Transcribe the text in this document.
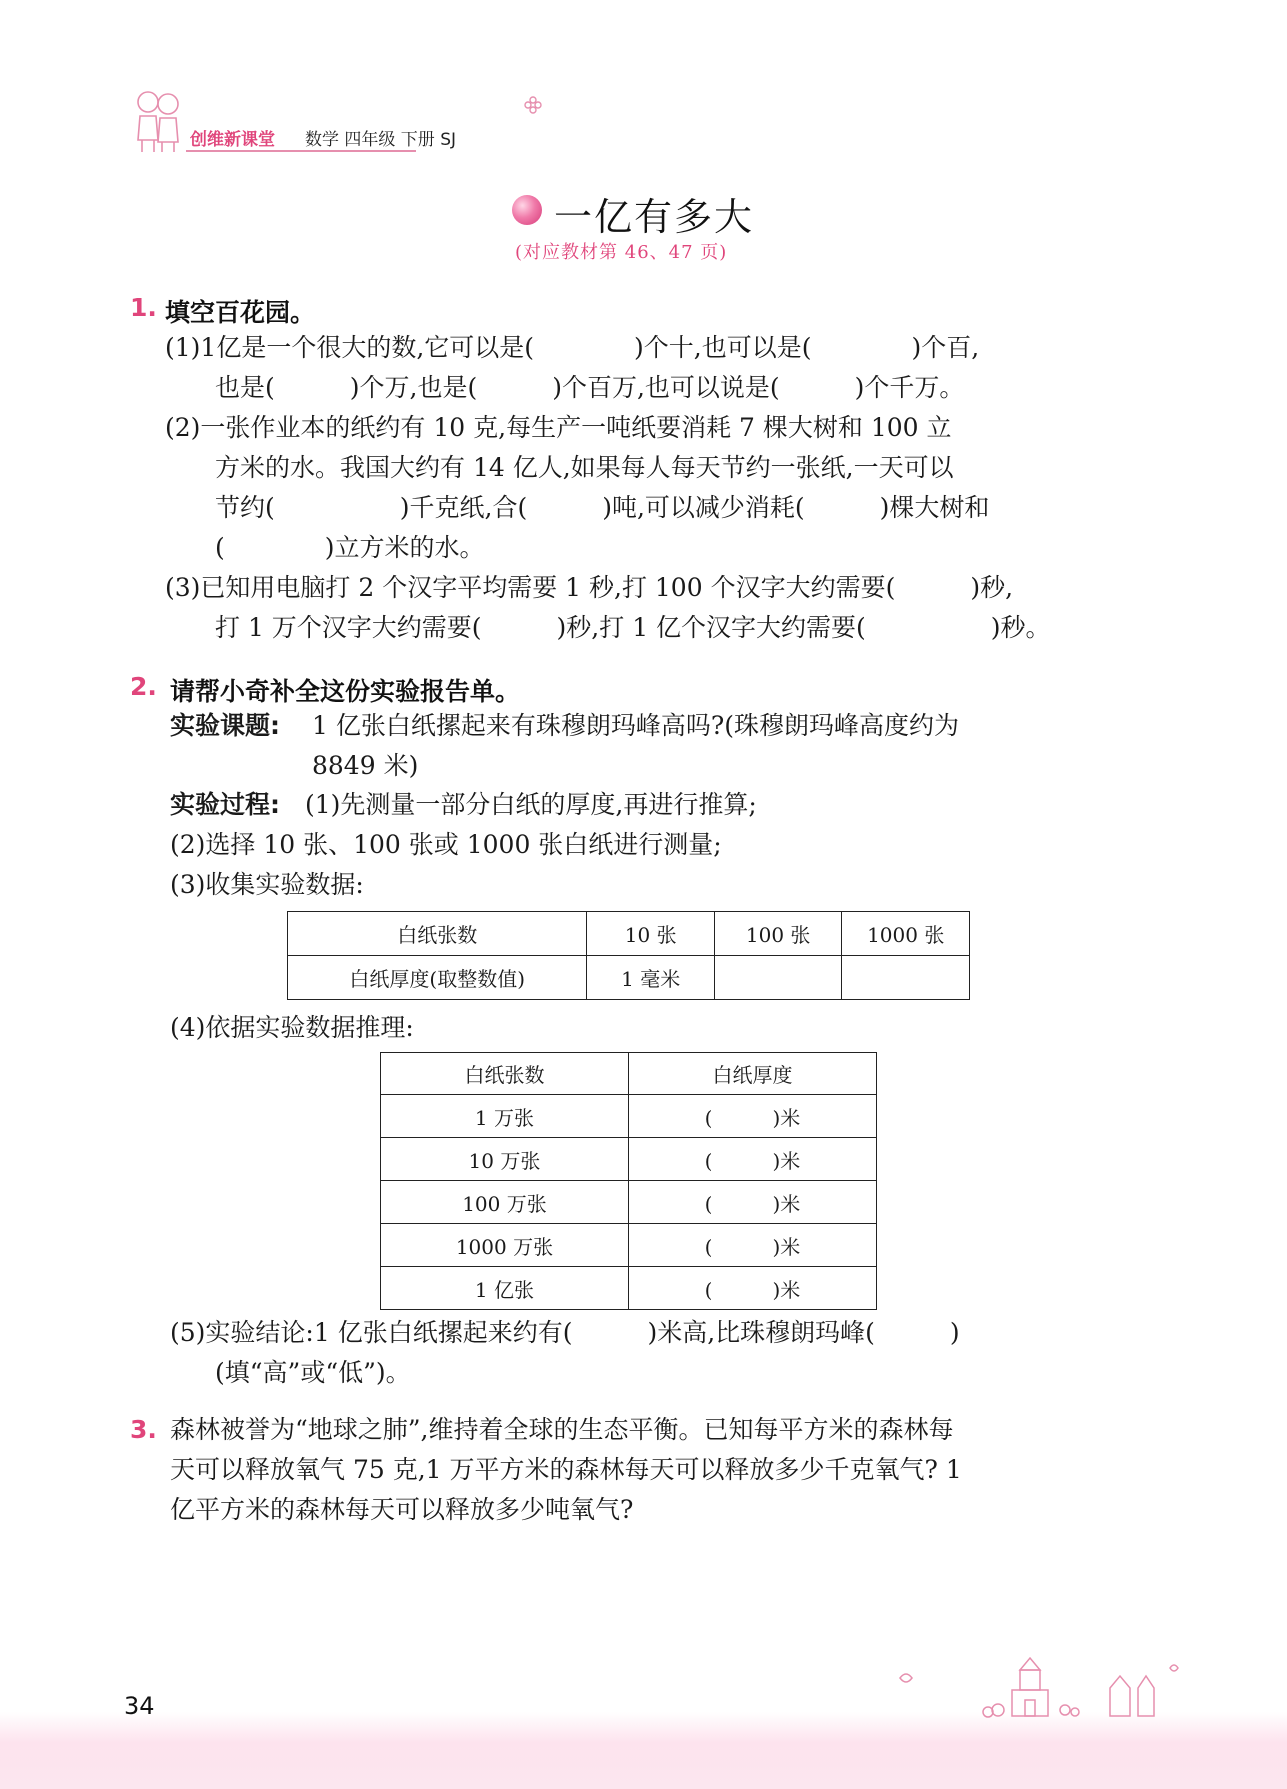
创维新课堂 数学 四年级 下册 SJ
一亿有多大
(对应教材第 46、47 页)
1. 填空百花园。
(1)1亿是一个很大的数,它可以是(　　　　)个十,也可以是(　　　　)个百,
也是(　　　)个万,也是(　　　)个百万,也可以说是(　　　)个千万。
(2)一张作业本的纸约有 10 克,每生产一吨纸要消耗 7 棵大树和 100 立
方米的水。我国大约有 14 亿人,如果每人每天节约一张纸,一天可以
节约(　　　　　)千克纸,合(　　　)吨,可以减少消耗(　　　)棵大树和
(　　　　)立方米的水。
(3)已知用电脑打 2 个汉字平均需要 1 秒,打 100 个汉字大约需要(　　　)秒,
打 1 万个汉字大约需要(　　　)秒,打 1 亿个汉字大约需要(　　　　　)秒。
2. 请帮小奇补全这份实验报告单。
实验课题: 1 亿张白纸摞起来有珠穆朗玛峰高吗?(珠穆朗玛峰高度约为
8849 米)
实验过程: (1)先测量一部分白纸的厚度,再进行推算;
(2)选择 10 张、100 张或 1000 张白纸进行测量;
(3)收集实验数据:
白纸张数	10 张	100 张	1000 张
白纸厚度(取整数值)	1 毫米		
(4)依据实验数据推理:
白纸张数	白纸厚度
1 万张	(　　　)米
10 万张	(　　　)米
100 万张	(　　　)米
1000 万张	(　　　)米
1 亿张	(　　　)米
(5)实验结论:1 亿张白纸摞起来约有(　　　)米高,比珠穆朗玛峰(　　　)
(填“高”或“低”)。
3. 森林被誉为“地球之肺”,维持着全球的生态平衡。已知每平方米的森林每
天可以释放氧气 75 克,1 万平方米的森林每天可以释放多少千克氧气? 1
亿平方米的森林每天可以释放多少吨氧气?
34
